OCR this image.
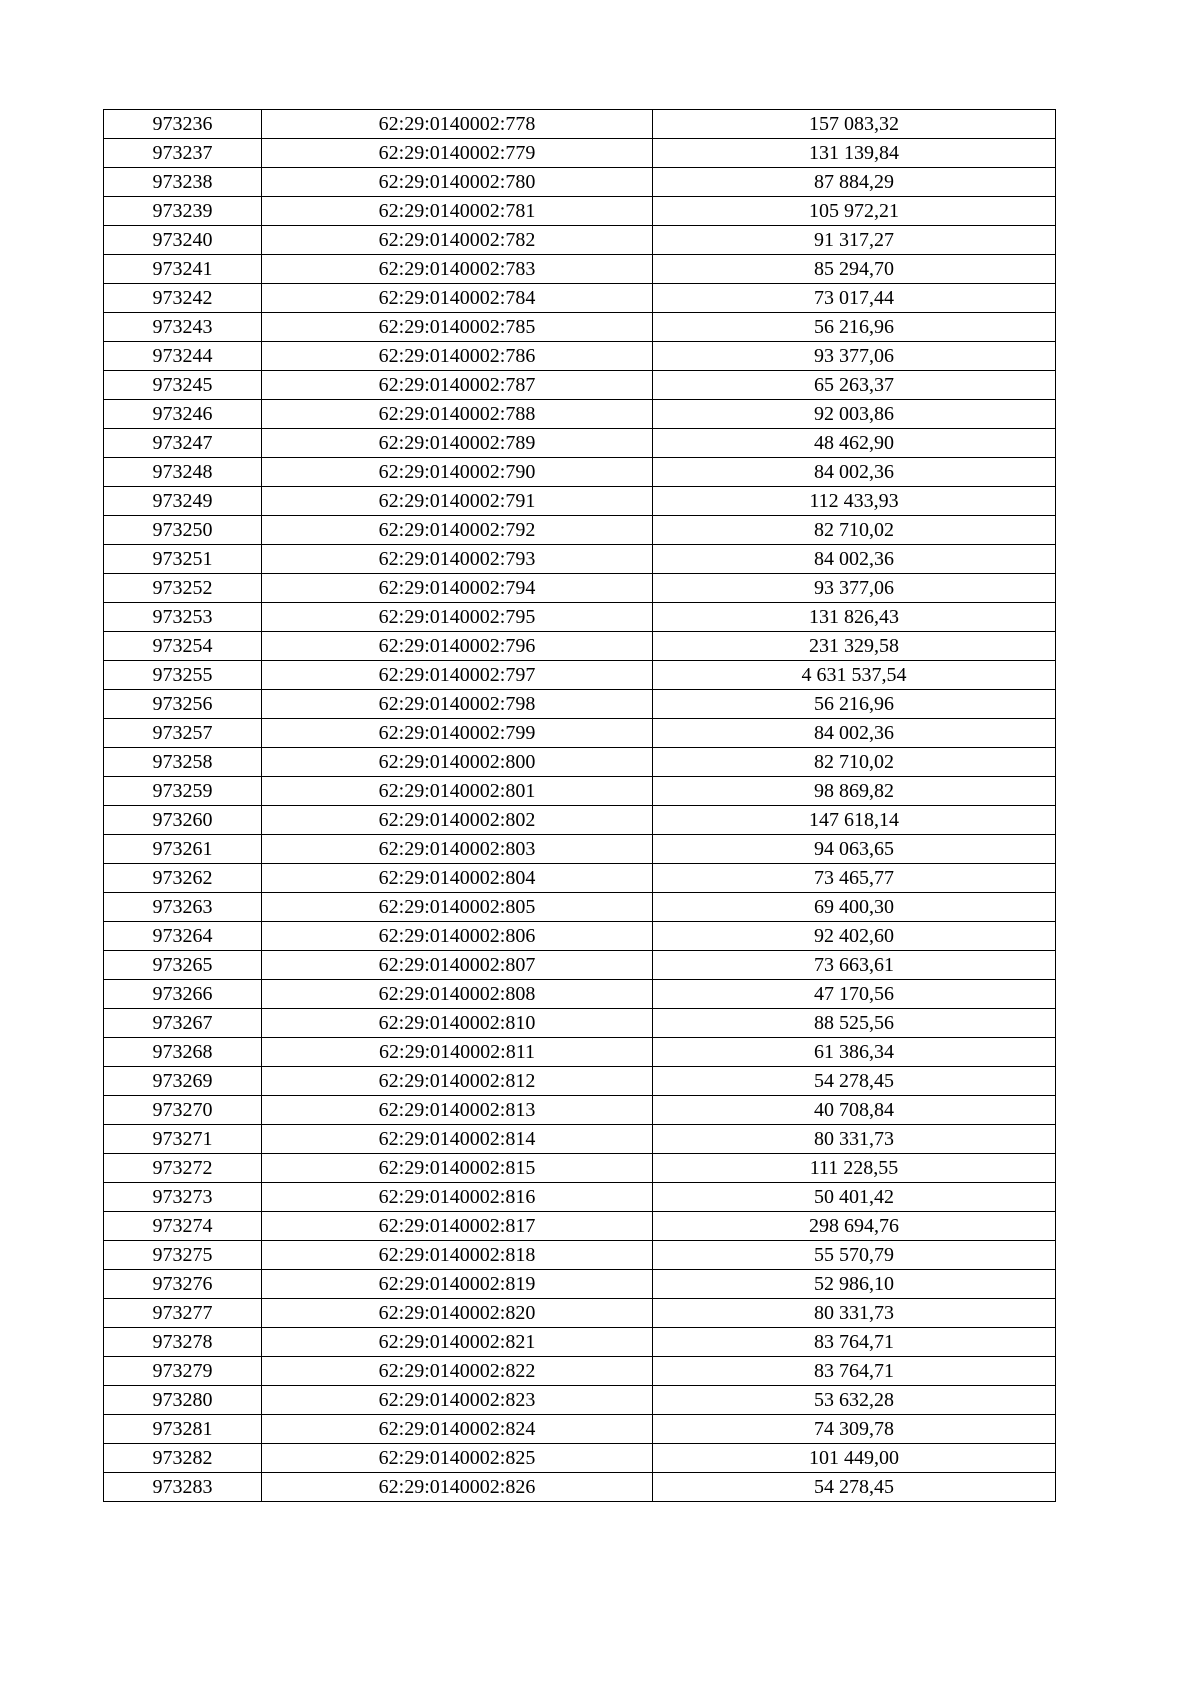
973236	62:29:0140002:778	157 083,32
973237	62:29:0140002:779	131 139,84
973238	62:29:0140002:780	87 884,29
973239	62:29:0140002:781	105 972,21
973240	62:29:0140002:782	91 317,27
973241	62:29:0140002:783	85 294,70
973242	62:29:0140002:784	73 017,44
973243	62:29:0140002:785	56 216,96
973244	62:29:0140002:786	93 377,06
973245	62:29:0140002:787	65 263,37
973246	62:29:0140002:788	92 003,86
973247	62:29:0140002:789	48 462,90
973248	62:29:0140002:790	84 002,36
973249	62:29:0140002:791	112 433,93
973250	62:29:0140002:792	82 710,02
973251	62:29:0140002:793	84 002,36
973252	62:29:0140002:794	93 377,06
973253	62:29:0140002:795	131 826,43
973254	62:29:0140002:796	231 329,58
973255	62:29:0140002:797	4 631 537,54
973256	62:29:0140002:798	56 216,96
973257	62:29:0140002:799	84 002,36
973258	62:29:0140002:800	82 710,02
973259	62:29:0140002:801	98 869,82
973260	62:29:0140002:802	147 618,14
973261	62:29:0140002:803	94 063,65
973262	62:29:0140002:804	73 465,77
973263	62:29:0140002:805	69 400,30
973264	62:29:0140002:806	92 402,60
973265	62:29:0140002:807	73 663,61
973266	62:29:0140002:808	47 170,56
973267	62:29:0140002:810	88 525,56
973268	62:29:0140002:811	61 386,34
973269	62:29:0140002:812	54 278,45
973270	62:29:0140002:813	40 708,84
973271	62:29:0140002:814	80 331,73
973272	62:29:0140002:815	111 228,55
973273	62:29:0140002:816	50 401,42
973274	62:29:0140002:817	298 694,76
973275	62:29:0140002:818	55 570,79
973276	62:29:0140002:819	52 986,10
973277	62:29:0140002:820	80 331,73
973278	62:29:0140002:821	83 764,71
973279	62:29:0140002:822	83 764,71
973280	62:29:0140002:823	53 632,28
973281	62:29:0140002:824	74 309,78
973282	62:29:0140002:825	101 449,00
973283	62:29:0140002:826	54 278,45
